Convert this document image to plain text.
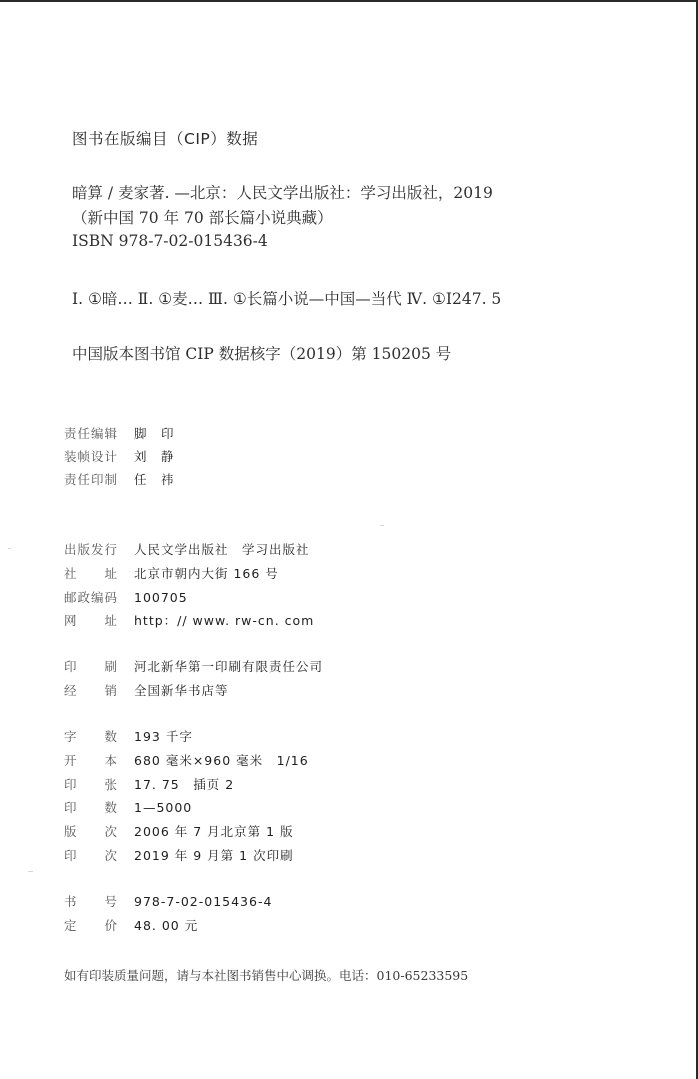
图书在版编目（CIP）数据
暗算 / 麦家著. —北京：人民文学出版社：学习出版社，2019
（新中国 70 年 70 部长篇小说典藏）
ISBN 978-7-02-015436-4
Ⅰ. ①暗… Ⅱ. ①麦… Ⅲ. ①长篇小说—中国—当代 Ⅳ. ①I247. 5
中国版本图书馆 CIP 数据核字（2019）第 150205 号
责任编辑	脚　印
装帧设计	刘　静
责任印制	任　祎
出版发行	人民文学出版社　学习出版社
社　　址	北京市朝内大街 166 号
邮政编码	100705
网　　址	http：// www. rw-cn. com
印　　刷	河北新华第一印刷有限责任公司
经　　销	全国新华书店等
字　　数	193 千字
开　　本	680 毫米×960 毫米　1/16
印　　张	17. 75　插页 2
印　　数	1—5000
版　　次	2006 年 7 月北京第 1 版
印　　次	2019 年 9 月第 1 次印刷
书　　号	978-7-02-015436-4
定　　价	48. 00 元
如有印装质量问题，请与本社图书销售中心调换。电话：010-65233595
